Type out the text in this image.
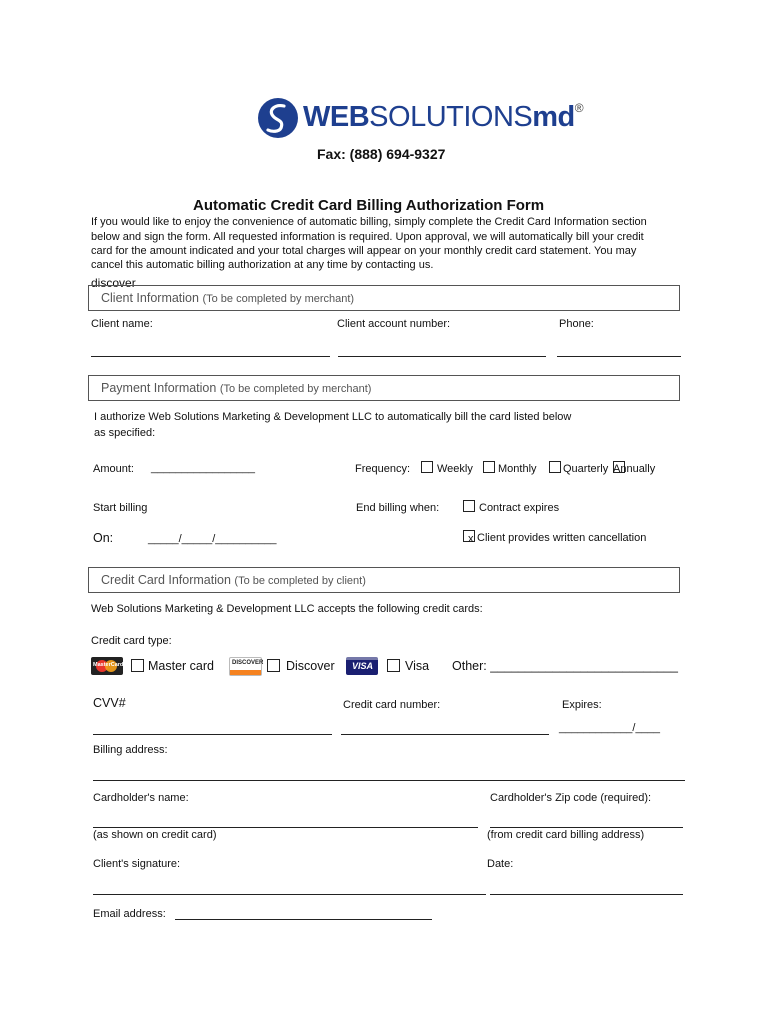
WEBSOLUTIONSmd®
Fax: (888) 694-9327
Automatic Credit Card Billing Authorization Form
If you would like to enjoy the convenience of automatic billing, simply complete the Credit Card Information section
below and sign the form. All requested information is required. Upon approval, we will automatically bill your credit
card for the amount indicated and your total charges will appear on your monthly credit card statement. You may
cancel this automatic billing authorization at any time by contacting us.
discover
Client Information (To be completed by merchant)
Client name:	Client account number:	Phone:
Payment Information (To be completed by merchant)
I authorize Web Solutions Marketing & Development LLC to automatically bill the card listed below
as specified:
Amount: _________________	Frequency: Weekly Monthly Quarterly Annually
Start billing	End billing when:	Contract expires
On:	_____/_____/__________	x Client provides written cancellation
Credit Card Information (To be completed by client)
Web Solutions Marketing & Development LLC accepts the following credit cards:
Credit card type:
MasterCard Master card	DISCOVER Discover VISA	Visa Other: ___________________________
CVV#	Credit card number:	Expires:
____________/____
Billing address:
Cardholder's name:	Cardholder's Zip code (required):
(as shown on credit card)	(from credit card billing address)
Client's signature:	Date:
Email address:
